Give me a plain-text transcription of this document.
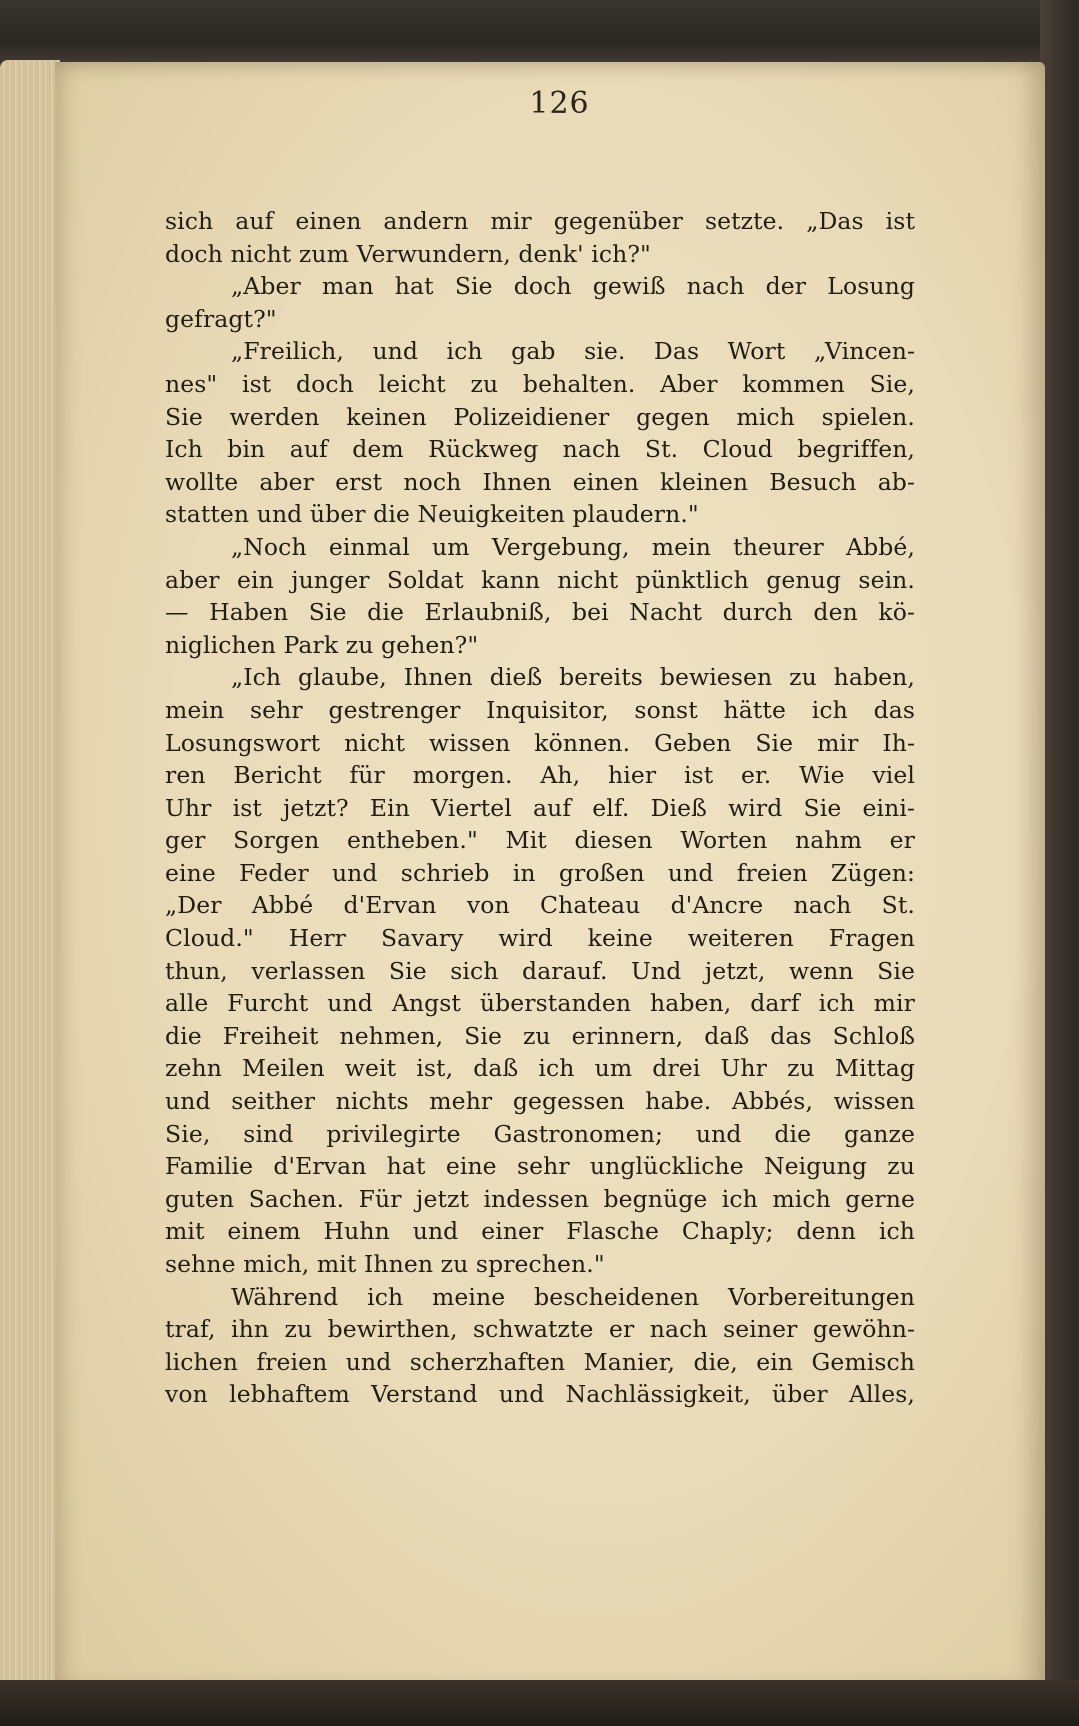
126
sich auf einen andern mir gegenüber setzte. „Das ist
doch nicht zum Verwundern, denk' ich?"
„Aber man hat Sie doch gewiß nach der Losung
gefragt?"
„Freilich, und ich gab sie. Das Wort „Vincen-
nes" ist doch leicht zu behalten. Aber kommen Sie,
Sie werden keinen Polizeidiener gegen mich spielen.
Ich bin auf dem Rückweg nach St. Cloud begriffen,
wollte aber erst noch Ihnen einen kleinen Besuch ab-
statten und über die Neuigkeiten plaudern."
„Noch einmal um Vergebung, mein theurer Abbé,
aber ein junger Soldat kann nicht pünktlich genug sein.
— Haben Sie die Erlaubniß, bei Nacht durch den kö-
niglichen Park zu gehen?"
„Ich glaube, Ihnen dieß bereits bewiesen zu haben,
mein sehr gestrenger Inquisitor, sonst hätte ich das
Losungswort nicht wissen können. Geben Sie mir Ih-
ren Bericht für morgen. Ah, hier ist er. Wie viel
Uhr ist jetzt? Ein Viertel auf elf. Dieß wird Sie eini-
ger Sorgen entheben." Mit diesen Worten nahm er
eine Feder und schrieb in großen und freien Zügen:
„Der Abbé d'Ervan von Chateau d'Ancre nach St.
Cloud." Herr Savary wird keine weiteren Fragen
thun, verlassen Sie sich darauf. Und jetzt, wenn Sie
alle Furcht und Angst überstanden haben, darf ich mir
die Freiheit nehmen, Sie zu erinnern, daß das Schloß
zehn Meilen weit ist, daß ich um drei Uhr zu Mittag
und seither nichts mehr gegessen habe. Abbés, wissen
Sie, sind privilegirte Gastronomen; und die ganze
Familie d'Ervan hat eine sehr unglückliche Neigung zu
guten Sachen. Für jetzt indessen begnüge ich mich gerne
mit einem Huhn und einer Flasche Chaply; denn ich
sehne mich, mit Ihnen zu sprechen."
Während ich meine bescheidenen Vorbereitungen
traf, ihn zu bewirthen, schwatzte er nach seiner gewöhn-
lichen freien und scherzhaften Manier, die, ein Gemisch
von lebhaftem Verstand und Nachlässigkeit, über Alles,
